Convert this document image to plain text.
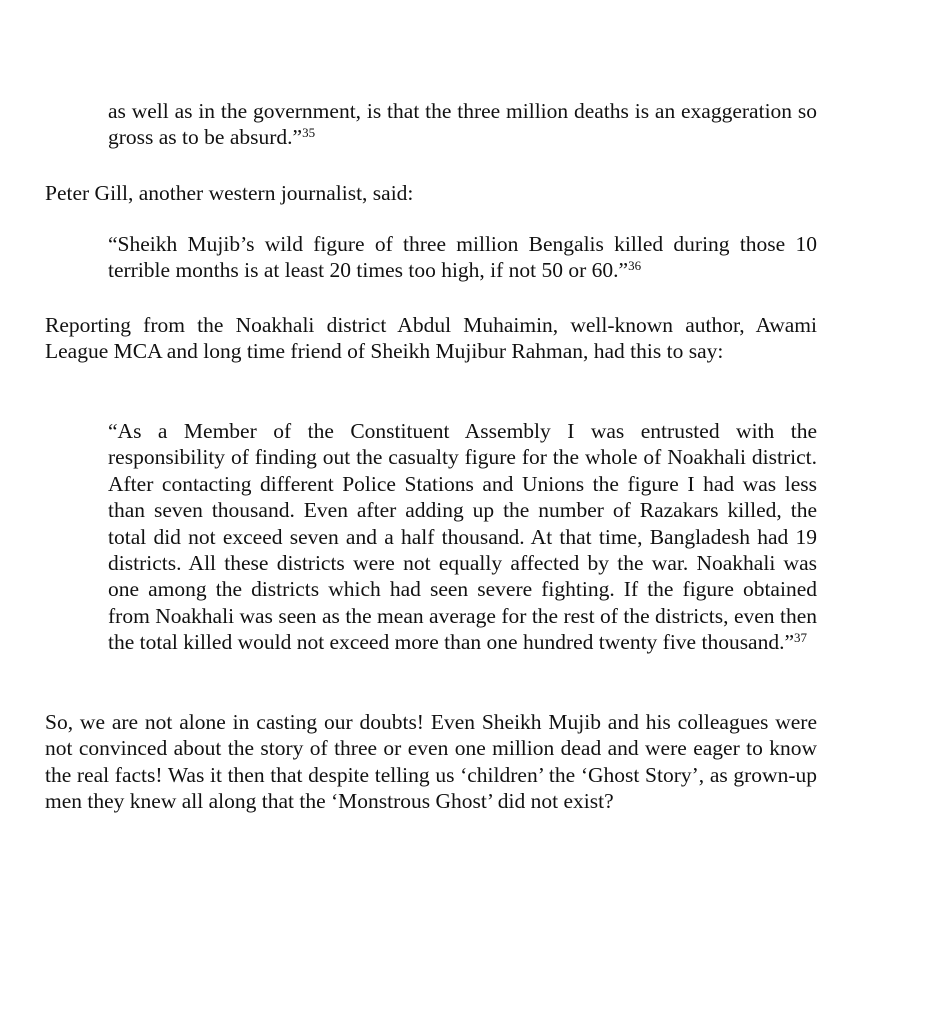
as well as in the government, is that the three million deaths is an exaggeration so gross as to be absurd.”$^{35}$

Peter Gill, another western journalist, said:

“Sheikh Mujib’s wild figure of three million Bengalis killed during those 10 terrible months is at least 20 times too high, if not 50 or 60.”$^{36}$

Reporting from the Noakhali district Abdul Muhaimin, well-known author, Awami League MCA and long time friend of Sheikh Mujibur Rahman, had this to say:

“As a Member of the Constituent Assembly I was entrusted with the responsibility of finding out the casualty figure for the whole of Noakhali district. After contacting different Police Stations and Unions the figure I had was less than seven thousand. Even after adding up the number of Razakars killed, the total did not exceed seven and a half thousand. At that time, Bangladesh had 19 districts. All these districts were not equally affected by the war. Noakhali was one among the districts which had seen severe fighting. If the figure obtained from Noakhali was seen as the mean average for the rest of the districts, even then the total killed would not exceed more than one hundred twenty five thousand.”$^{37}$

So, we are not alone in casting our doubts! Even Sheikh Mujib and his colleagues were not convinced about the story of three or even one million dead and were eager to know the real facts! Was it then that despite telling us ‘children’ the ‘Ghost Story’, as grown-up men they knew all along that the ‘Monstrous Ghost’ did not exist?
